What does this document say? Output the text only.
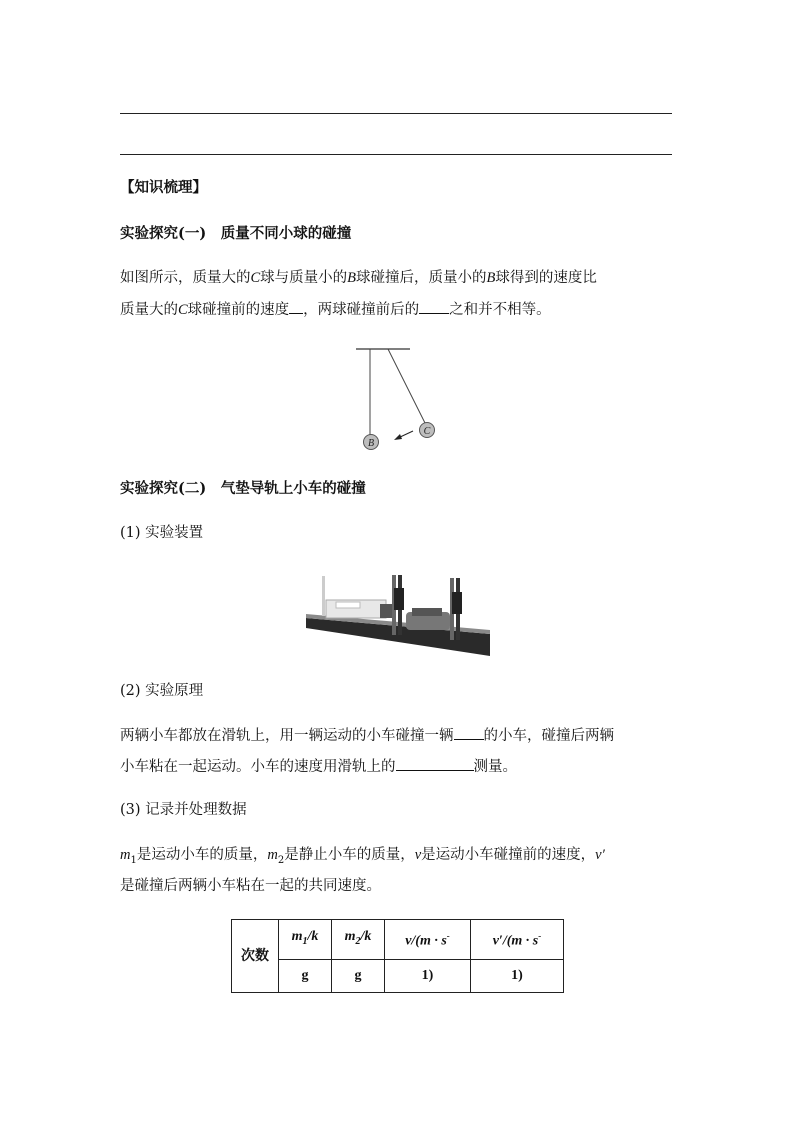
【知识梳理】
实验探究(一)　质量不同小球的碰撞
如图所示，质量大的C球与质量小的B球碰撞后，质量小的B球得到的速度比
质量大的C球碰撞前的速度 ，两球碰撞前后的 之和并不相等。
B
C
实验探究(二)　气垫导轨上小车的碰撞
(1) 实验装置
(2) 实验原理
两辆小车都放在滑轨上，用一辆运动的小车碰撞一辆 的小车，碰撞后两辆
小车粘在一起运动。小车的速度用滑轨上的	测量。
(3) 记录并处理数据
$m_1$是运动小车的质量，$m_2$是静止小车的质量，v是运动小车碰撞前的速度，v′
是碰撞后两辆小车粘在一起的共同速度。
次数	$m_1/k$	$m_2/k$	v/(m · s-	v′/(m · s-
	g	g	1)	1)
